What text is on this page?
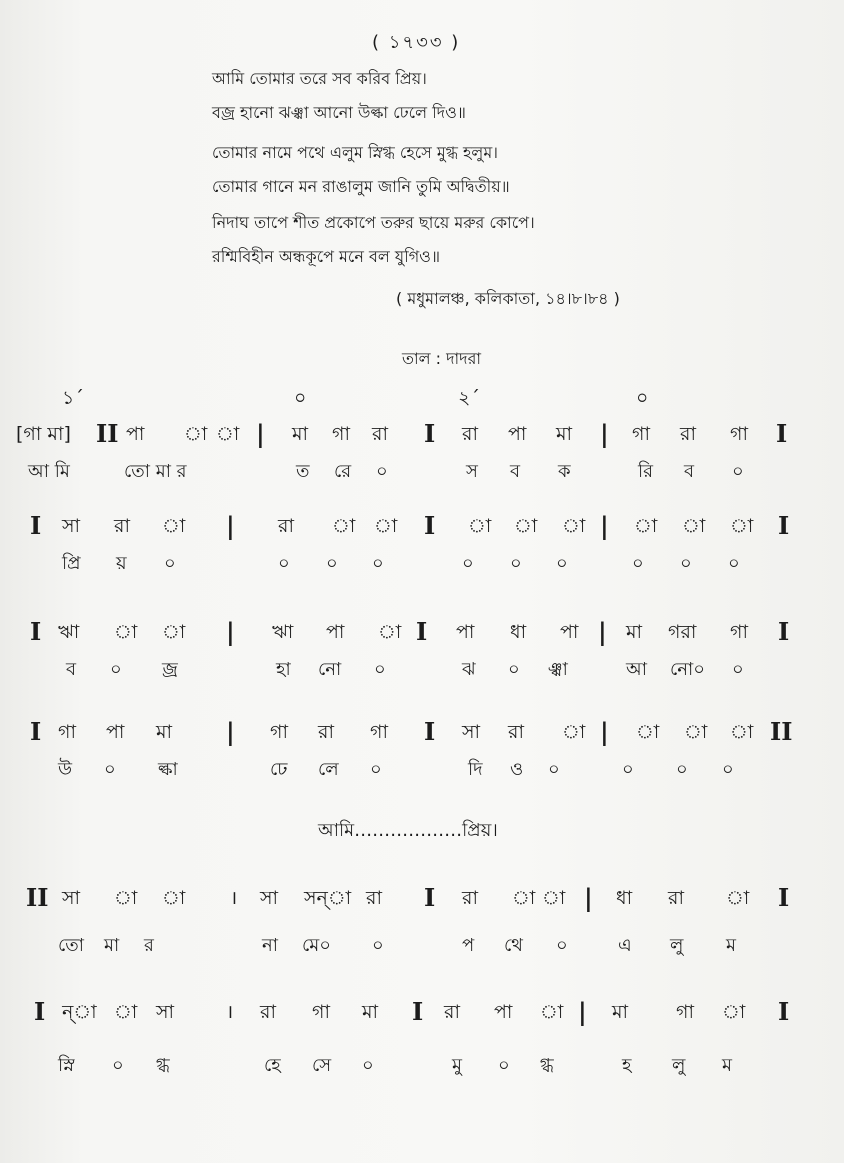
( ১৭৩৩ )
আমি তোমার তরে সব করিব প্রিয়।
বজ্র হানো ঝঞ্ঝা আনো উল্কা ঢেলে দিও॥
তোমার নামে পথে এলুম স্নিগ্ধ হেসে মুগ্ধ হলুম।
তোমার গানে মন রাঙালুম জানি তুমি অদ্বিতীয়॥
নিদাঘ তাপে শীত প্রকোপে তরুর ছায়ে মরুর কোপে।
রশ্মিবিহীন অন্ধকূপে মনে বল যুগিও॥
( মধুমালঞ্চ, কলিকাতা, ১৪।৮।৮৪ )
তাল : দাদরা
১´	০	২´	০
[গা মা] II পা া া | মা গা রা I রা পা মা | গা রা গা I
আ মি	তো মা র	ত রে ০	স ব ক	রি ব ০
I সা রা া | রা া া I া া া | া া া I
প্রি য় ০	০ ০ ০	০ ০ ০	০ ০ ০
I ঋা া া | ঋা পা া I পা ধা পা | মা গরা গা I
ব ০ জ্র	হা নো ০	ঝ ০ ঞ্ঝা	আ নো০ ০
I গা পা মা | গা রা গা I সা রা া | া া া II
উ ০ ল্কা	ঢে লে ০	দি ও ০	০ ০ ০
আমি………………প্রিয়।
II সা া া । সা সন্‌া রা I রা া া | ধা রা া I
তো মা র	না মে০ ০	প থে ০	এ লু ম
I ন্‌া া সা	। রা গা মা I রা পা া | মা	গা া I
স্নি ০ গ্ধ	হে সে ০	মু ০ গ্ধ	হ লু ম
